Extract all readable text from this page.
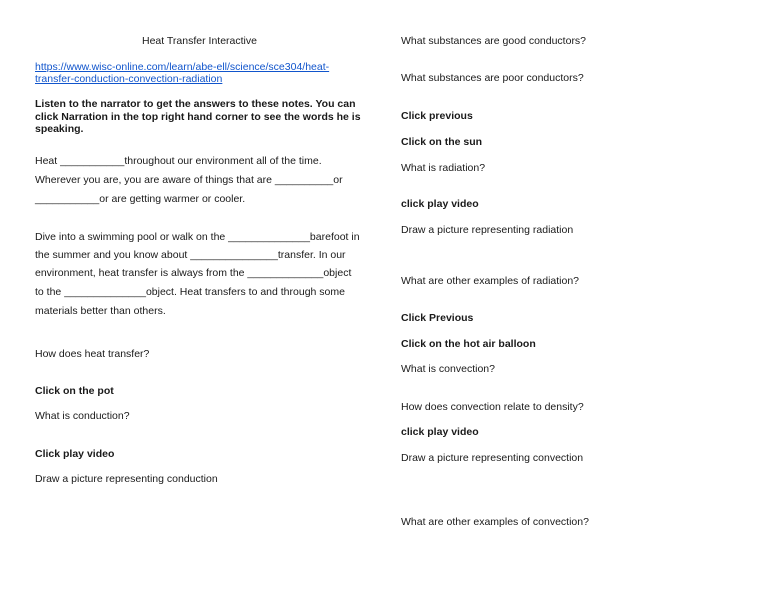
Heat Transfer Interactive
https://www.wisc-online.com/learn/abe-ell/science/sce304/heat-
transfer-conduction-convection-radiation
Listen to the narrator to get the answers to these notes. You can
click Narration in the top right hand corner to see the words he is
speaking.
Heat ___________throughout our environment all of the time.
Wherever you are, you are aware of things that are __________or
___________or are getting warmer or cooler.
Dive into a swimming pool or walk on the ______________barefoot in
the summer and you know about _______________transfer. In our
environment, heat transfer is always from the _____________object
to the ______________object. Heat transfers to and through some
materials better than others.
How does heat transfer?
Click on the pot
What is conduction?
Click play video
Draw a picture representing conduction
What substances are good conductors?
What substances are poor conductors?
Click previous
Click on the sun
What is radiation?
click play video
Draw a picture representing radiation
What are other examples of radiation?
Click Previous
Click on the hot air balloon
What is convection?
How does convection relate to density?
click play video
Draw a picture representing convection
What are other examples of convection?
